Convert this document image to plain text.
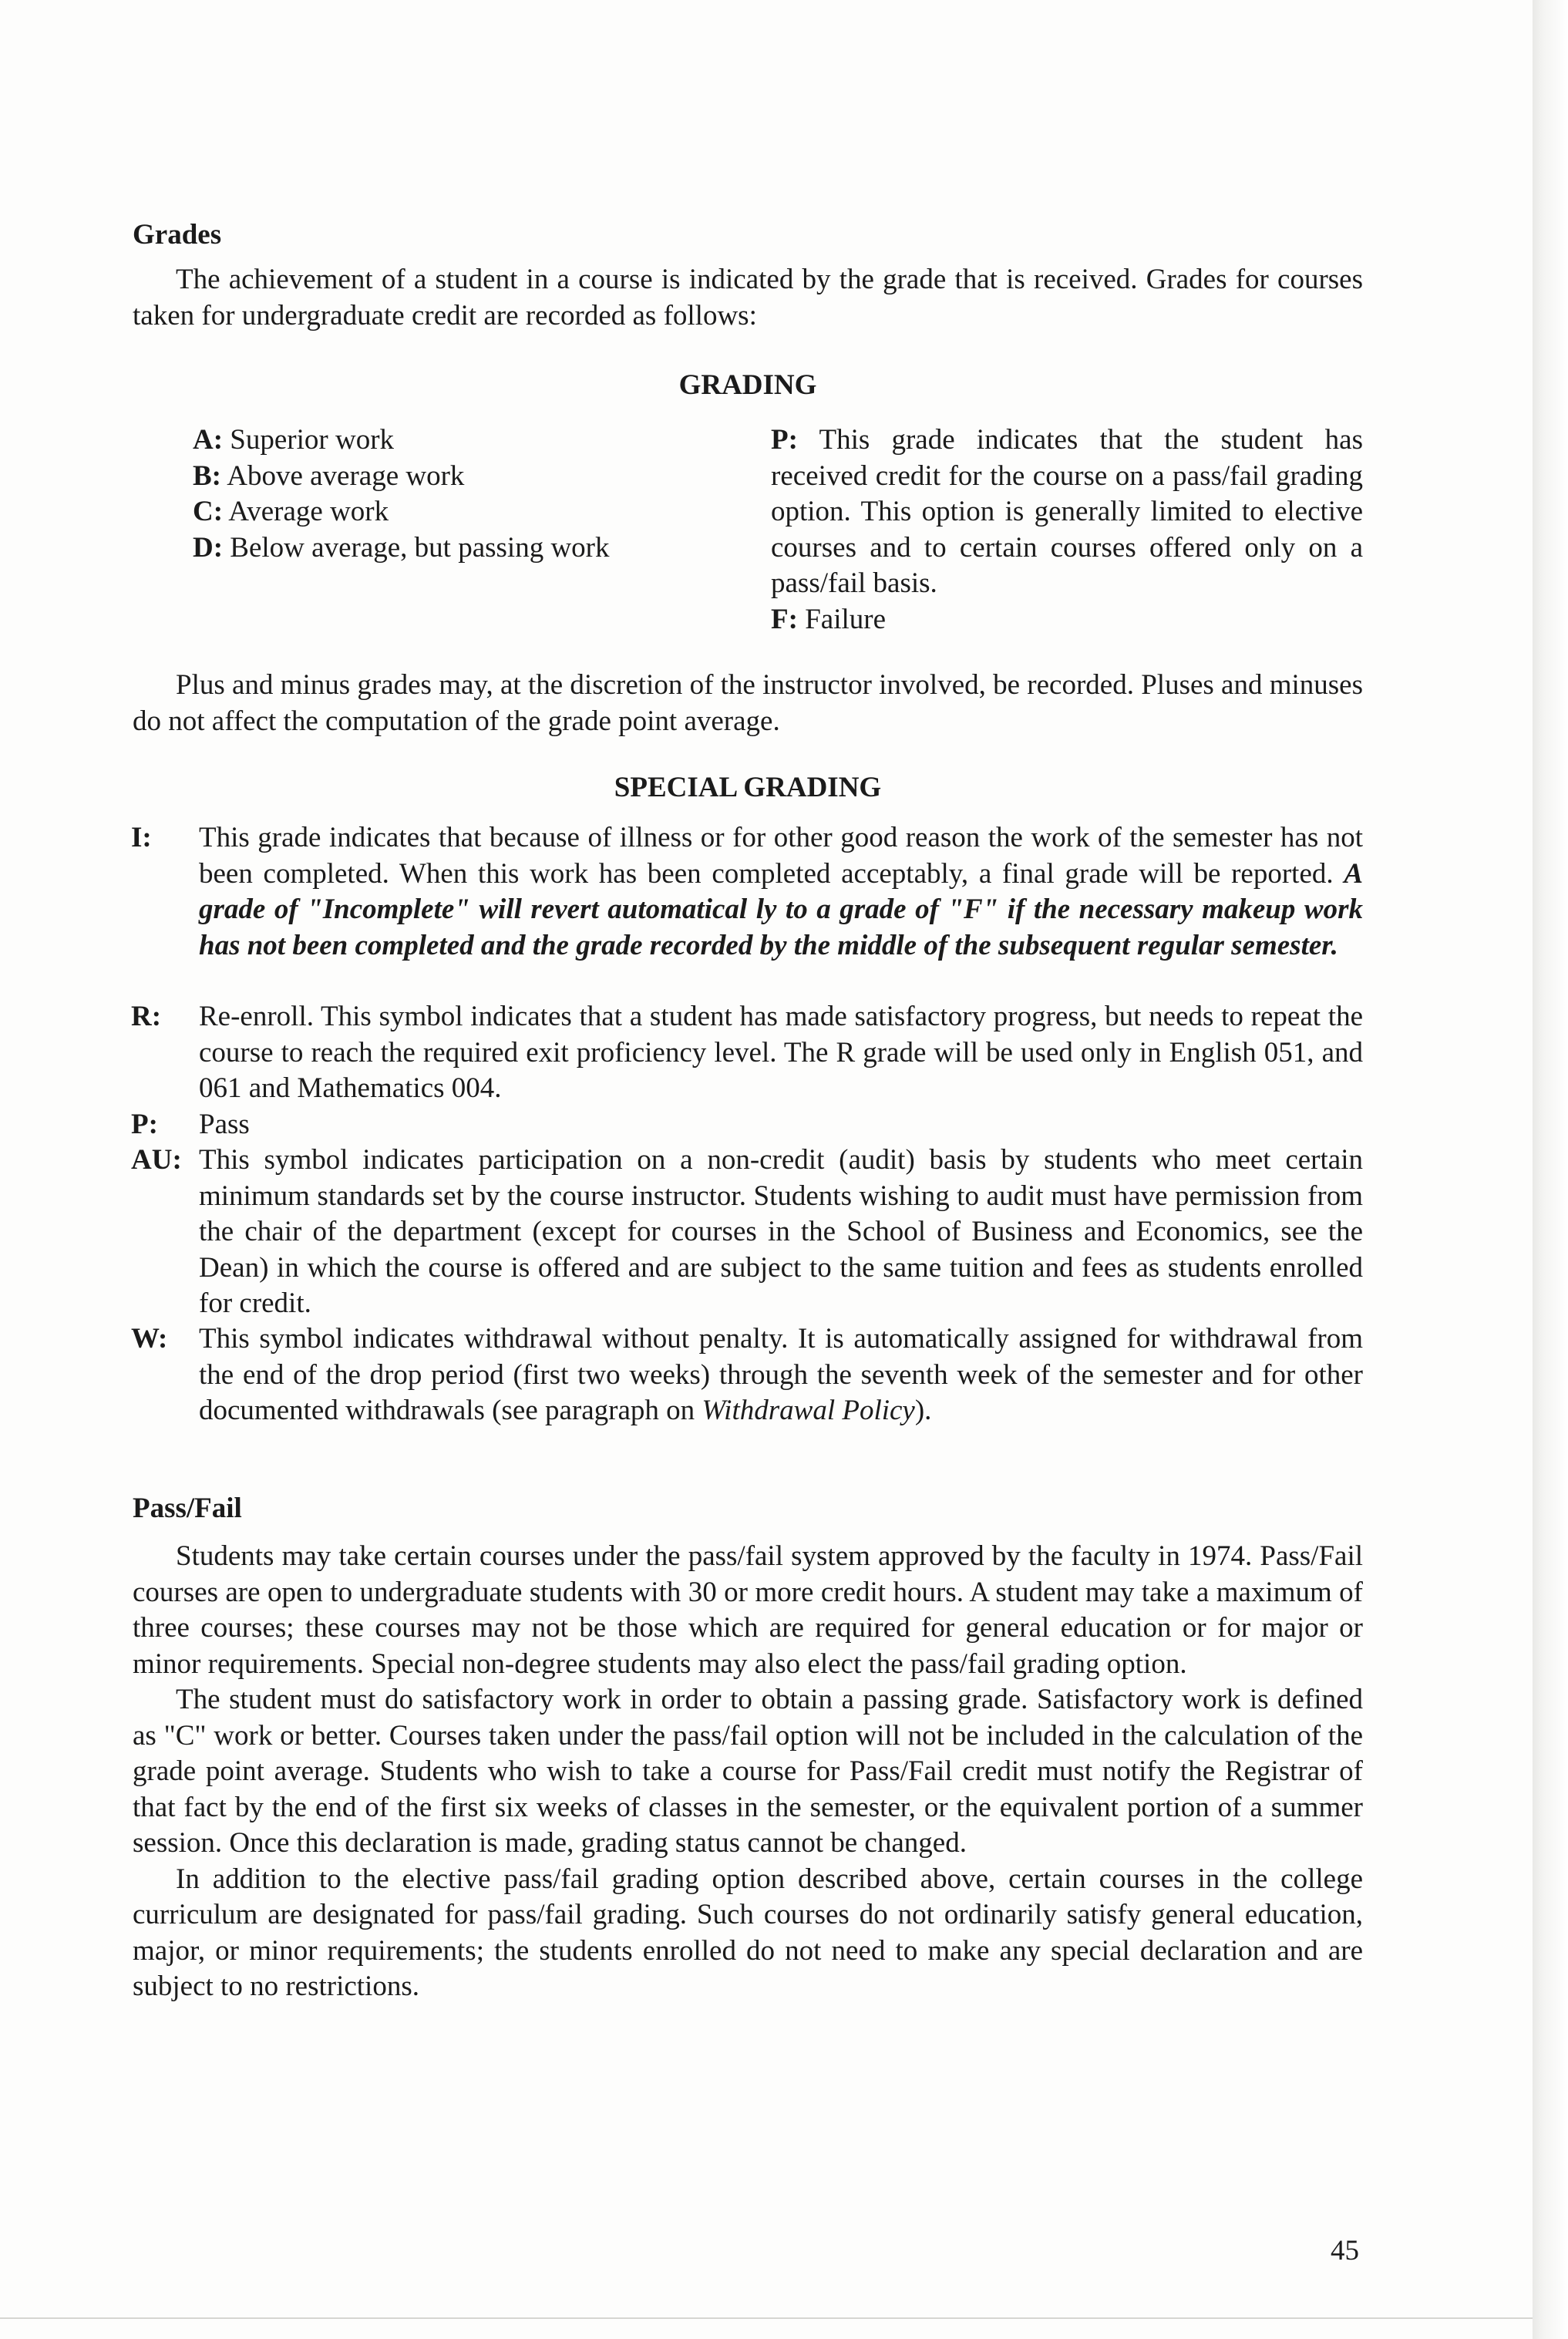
Grades

The achievement of a student in a course is indicated by the grade that is received. Grades for courses taken for undergraduate credit are recorded as follows:

GRADING
A: Superior work
B: Above average work
C: Average work
D: Below average, but passing work

P: This grade indicates that the student has received credit for the course on a pass/fail grading option. This option is generally limited to elective courses and to certain courses offered only on a pass/fail basis.

F: Failure

Plus and minus grades may, at the discretion of the instructor involved, be recorded. Pluses and minuses do not affect the computation of the grade point average.

SPECIAL GRADING
I: This grade indicates that because of illness or for other good reason the work of the semester has not been completed. When this work has been completed acceptably, a final grade will be reported. A grade of "Incomplete" will revert automatical ly to a grade of "F" if the necessary makeup work has not been completed and the grade recorded by the middle of the subsequent regular semester.

R: Re-enroll. This symbol indicates that a student has made satisfactory progress, but needs to repeat the course to reach the required exit proficiency level. The R grade will be used only in English 051, and 061 and Mathematics 004.

P: Pass

AU: This symbol indicates participation on a non-credit (audit) basis by students who meet certain minimum standards set by the course instructor. Students wishing to audit must have permission from the chair of the department (except for courses in the School of Business and Economics, see the Dean) in which the course is offered and are subject to the same tuition and fees as students enrolled for credit.

W: This symbol indicates withdrawal without penalty. It is automatically assigned for withdrawal from the end of the drop period (first two weeks) through the seventh week of the semester and for other documented withdrawals (see paragraph on Withdrawal Policy).

Pass/Fail

Students may take certain courses under the pass/fail system approved by the faculty in 1974. Pass/Fail courses are open to undergraduate students with 30 or more credit hours. A student may take a maximum of three courses; these courses may not be those which are required for general education or for major or minor requirements. Special non-degree students may also elect the pass/fail grading option.

The student must do satisfactory work in order to obtain a passing grade. Satisfactory work is defined as "C" work or better. Courses taken under the pass/fail option will not be included in the calculation of the grade point average. Students who wish to take a course for Pass/Fail credit must notify the Registrar of that fact by the end of the first six weeks of classes in the semester, or the equivalent portion of a summer session. Once this declaration is made, grading status cannot be changed.

In addition to the elective pass/fail grading option described above, certain courses in the college curriculum are designated for pass/fail grading. Such courses do not ordinarily satisfy general education, major, or minor requirements; the students enrolled do not need to make any special declaration and are subject to no restrictions.

45
